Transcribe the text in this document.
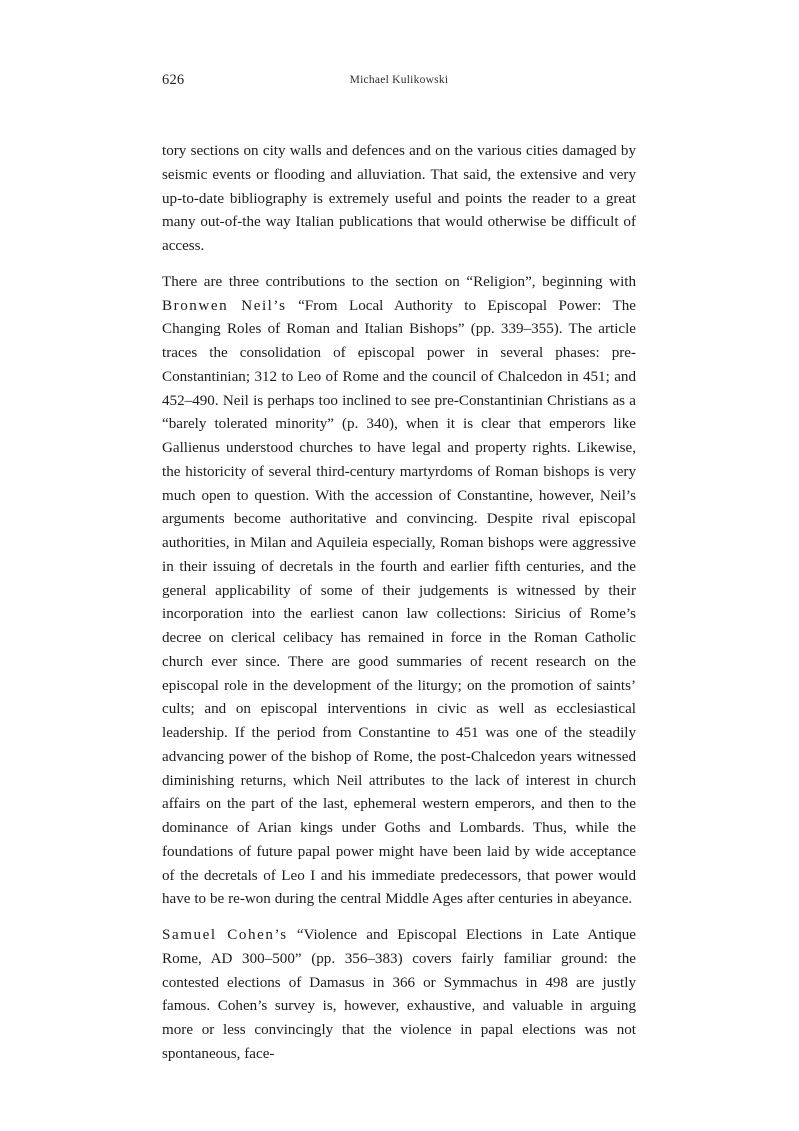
626	Michael Kulikowski

tory sections on city walls and defences and on the various cities damaged by seismic events or flooding and alluviation. That said, the extensive and very up-to-date bibliography is extremely useful and points the reader to a great many out-of-the way Italian publications that would otherwise be difficult of access.

There are three contributions to the section on “Religion”, beginning with Bronwen Neil’s “From Local Authority to Episcopal Power: The Changing Roles of Roman and Italian Bishops” (pp. 339–355). The article traces the consolidation of episcopal power in several phases: pre-Constantinian; 312 to Leo of Rome and the council of Chalcedon in 451; and 452–490. Neil is perhaps too inclined to see pre-Constantinian Christians as a “barely tolerated minority” (p. 340), when it is clear that emperors like Gallienus understood churches to have legal and property rights. Likewise, the historicity of several third-century martyrdoms of Roman bishops is very much open to question. With the accession of Constantine, however, Neil’s arguments become authoritative and convincing. Despite rival episcopal authorities, in Milan and Aquileia especially, Roman bishops were aggressive in their issuing of decretals in the fourth and earlier fifth centuries, and the general applicability of some of their judgements is witnessed by their incorporation into the earliest canon law collections: Siricius of Rome’s decree on clerical celibacy has remained in force in the Roman Catholic church ever since. There are good summaries of recent research on the episcopal role in the development of the liturgy; on the promotion of saints’ cults; and on episcopal interventions in civic as well as ecclesiastical leadership. If the period from Constantine to 451 was one of the steadily advancing power of the bishop of Rome, the post-Chalcedon years witnessed diminishing returns, which Neil attributes to the lack of interest in church affairs on the part of the last, ephemeral western emperors, and then to the dominance of Arian kings under Goths and Lombards. Thus, while the foundations of future papal power might have been laid by wide acceptance of the decretals of Leo I and his immediate predecessors, that power would have to be re-won during the central Middle Ages after centuries in abeyance.

Samuel Cohen’s “Violence and Episcopal Elections in Late Antique Rome, AD 300–500” (pp. 356–383) covers fairly familiar ground: the contested elections of Damasus in 366 or Symmachus in 498 are justly famous. Cohen’s survey is, however, exhaustive, and valuable in arguing more or less convincingly that the violence in papal elections was not spontaneous, face-
